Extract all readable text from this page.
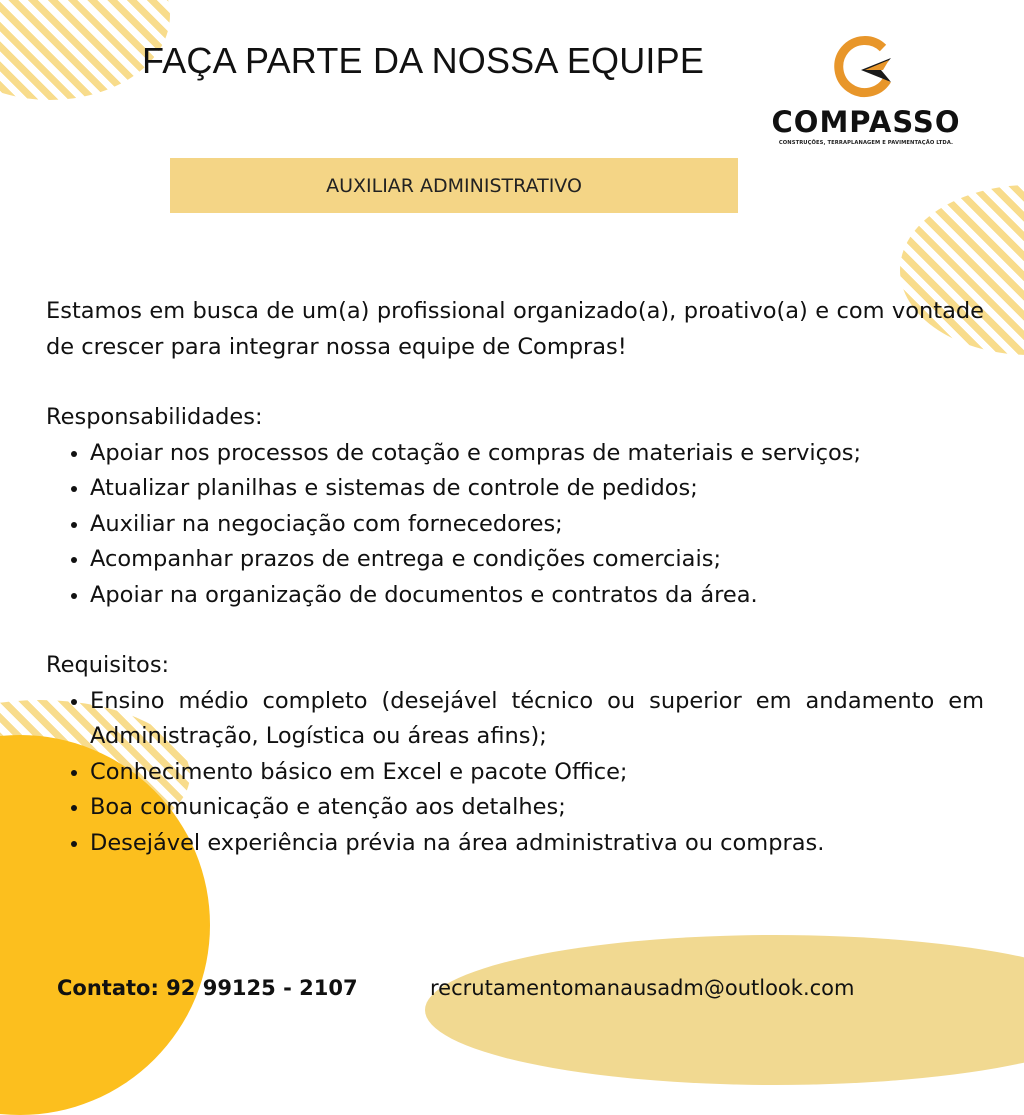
FAÇA PARTE DA NOSSA EQUIPE
COMPASSO
CONSTRUÇÕES, TERRAPLANAGEM E PAVIMENTAÇÃO LTDA.
AUXILIAR ADMINISTRATIVO

Estamos em busca de um(a) profissional organizado(a), proativo(a) e com vontade de crescer para integrar nossa equipe de Compras!

Responsabilidades:
• Apoiar nos processos de cotação e compras de materiais e serviços;
• Atualizar planilhas e sistemas de controle de pedidos;
• Auxiliar na negociação com fornecedores;
• Acompanhar prazos de entrega e condições comerciais;
• Apoiar na organização de documentos e contratos da área.
Requisitos:
• Ensino médio completo (desejável técnico ou superior em andamento em Administração, Logística ou áreas afins);
• Conhecimento básico em Excel e pacote Office;
• Boa comunicação e atenção aos detalhes;
• Desejável experiência prévia na área administrativa ou compras.
Contato: 92 99125 - 2107	recrutamentomanausadm@outlook.com
